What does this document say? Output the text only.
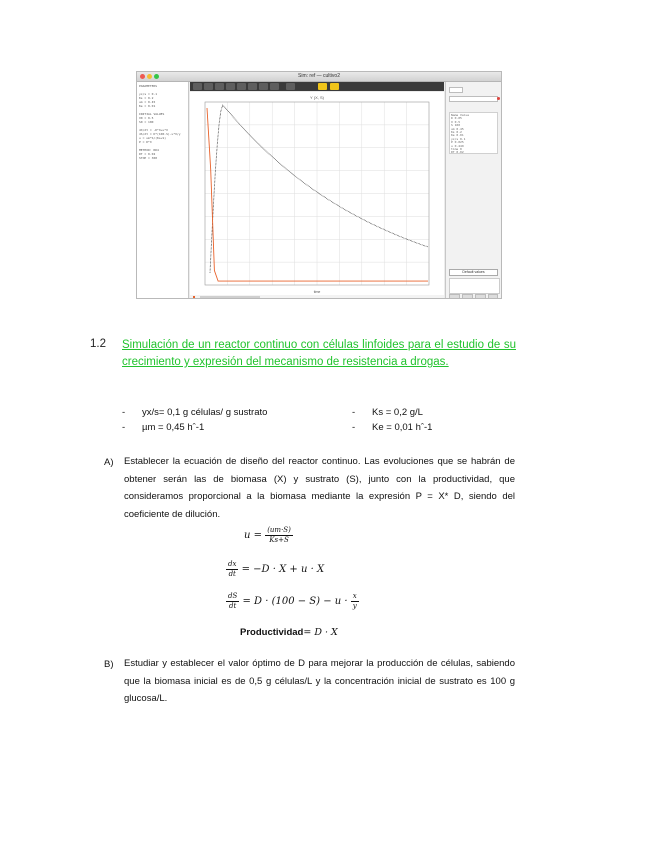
Sim: ref — cultivo2
PARAMETERS

yx/s = 0.1
Ks = 0.2
um = 0.45
Ke = 0.01

INITIAL VALUES
X0 = 0.5
S0 = 100

dX/dt = -D*X+u*X
dS/dt = D*(100-S)-u*X/y
u = um*S/(Ks+S)
P = D*X

METHOD: RK4
DT = 0.02
STOP = 300
Y (X, S)
time
Name Value
D 0.05
X 0.5
S 100
um 0.45
Ks 0.2
Ke 0.01
yx/s 0.1
P 0.025
u 0.449
time 0
DT 0.02
Default values
1.2 Simulación de un reactor continuo con células linfoides para el estudio de su crecimiento y expresión del mecanismo de resistencia a drogas.
- yx/s= 0,1 g células/ g sustrato
- µm = 0,45 hˆ-1
- Ks = 0,2 g/L
- Ke = 0,01 hˆ-1
A) Establecer la ecuación de diseño del reactor continuo. Las evoluciones que se habrán de obtener serán las de biomasa (X) y sustrato (S), junto con la productividad, que consideramos proporcional a la biomasa mediante la expresión P = X* D, siendo del coeficiente de dilución.
$u = \frac{(um\cdot S)}{Ks+S}$
$\frac{dx}{dt} = -D \cdot X + u \cdot X$
$\frac{dS}{dt} = D \cdot (100 - S) - u \cdot \frac{x}{y}$
Productividad= D · X
B) Estudiar y establecer el valor óptimo de D para mejorar la producción de células, sabiendo que la biomasa inicial es de 0,5 g células/L y la concentración inicial de sustrato es 100 g glucosa/L.
